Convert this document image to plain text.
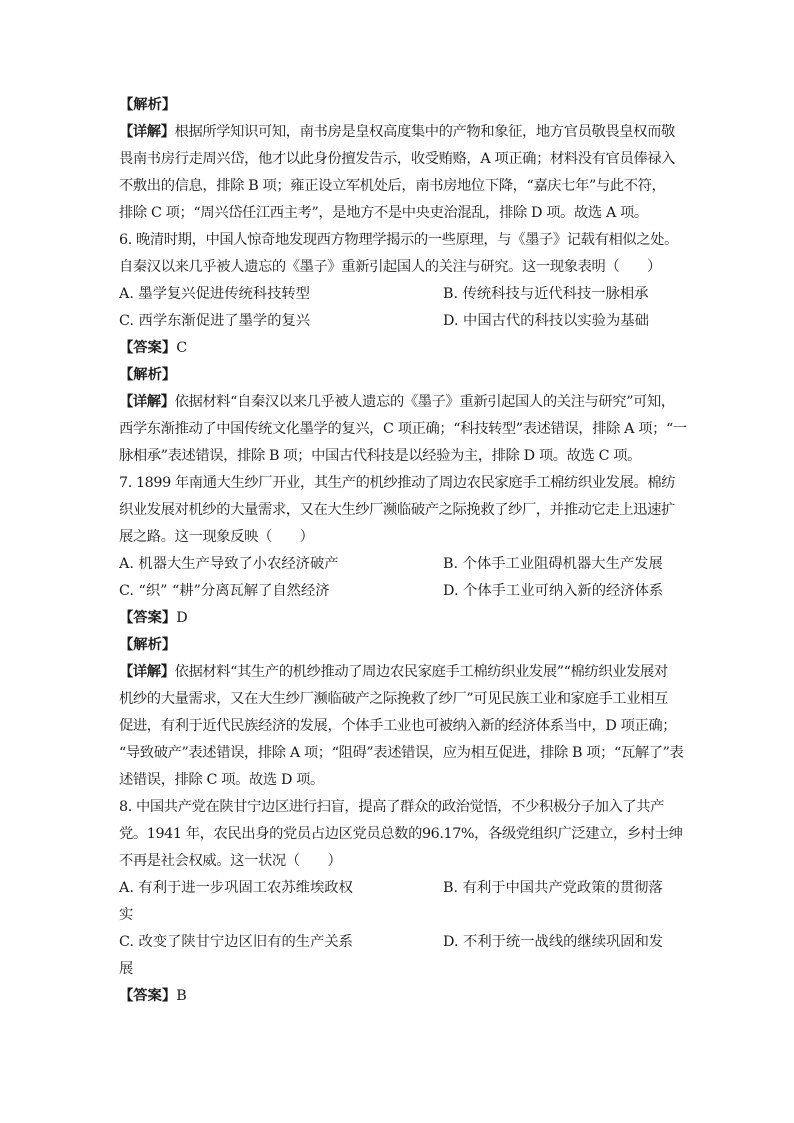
【解析】
【详解】根据所学知识可知，南书房是皇权高度集中的产物和象征，地方官员敬畏皇权而敬
畏南书房行走周兴岱，他才以此身份擅发告示，收受贿赂，A 项正确；材料没有官员俸禄入
不敷出的信息，排除 B 项；雍正设立军机处后，南书房地位下降，“嘉庆七年”与此不符，
排除 C 项；“周兴岱任江西主考”，是地方不是中央吏治混乱，排除 D 项。故选 A 项。
6. 晚清时期，中国人惊奇地发现西方物理学揭示的一些原理，与《墨子》记载有相似之处。
自秦汉以来几乎被人遗忘的《墨子》重新引起国人的关注与研究。这一现象表明（　　）
A. 墨学复兴促进传统科技转型	B. 传统科技与近代科技一脉相承
C. 西学东渐促进了墨学的复兴	D. 中国古代的科技以实验为基础
【答案】C
【解析】
【详解】依据材料“自秦汉以来几乎被人遗忘的《墨子》重新引起国人的关注与研究”可知，
西学东渐推动了中国传统文化墨学的复兴，C 项正确；“科技转型”表述错误，排除 A 项；“一
脉相承”表述错误，排除 B 项；中国古代科技是以经验为主，排除 D 项。故选 C 项。
7. 1899 年南通大生纱厂开业，其生产的机纱推动了周边农民家庭手工棉纺织业发展。棉纺
织业发展对机纱的大量需求，又在大生纱厂濒临破产之际挽救了纱厂，并推动它走上迅速扩
展之路。这一现象反映（　　）
A. 机器大生产导致了小农经济破产	B. 个体手工业阻碍机器大生产发展
C. “织” “耕”分离瓦解了自然经济	D. 个体手工业可纳入新的经济体系
【答案】D
【解析】
【详解】依据材料“其生产的机纱推动了周边农民家庭手工棉纺织业发展”“棉纺织业发展对
机纱的大量需求，又在大生纱厂濒临破产之际挽救了纱厂”可见民族工业和家庭手工业相互
促进，有利于近代民族经济的发展，个体手工业也可被纳入新的经济体系当中，D 项正确；
“导致破产”表述错误，排除 A 项；“阻碍”表述错误，应为相互促进，排除 B 项；“瓦解了”表
述错误，排除 C 项。故选 D 项。
8. 中国共产党在陕甘宁边区进行扫盲，提高了群众的政治觉悟，不少积极分子加入了共产
党。1941 年，农民出身的党员占边区党员总数的96.17%，各级党组织广泛建立，乡村士绅
不再是社会权威。这一状况（　　）
A. 有利于进一步巩固工农苏维埃政权	B. 有利于中国共产党政策的贯彻落
实
C. 改变了陕甘宁边区旧有的生产关系	D. 不利于统一战线的继续巩固和发
展
【答案】B
